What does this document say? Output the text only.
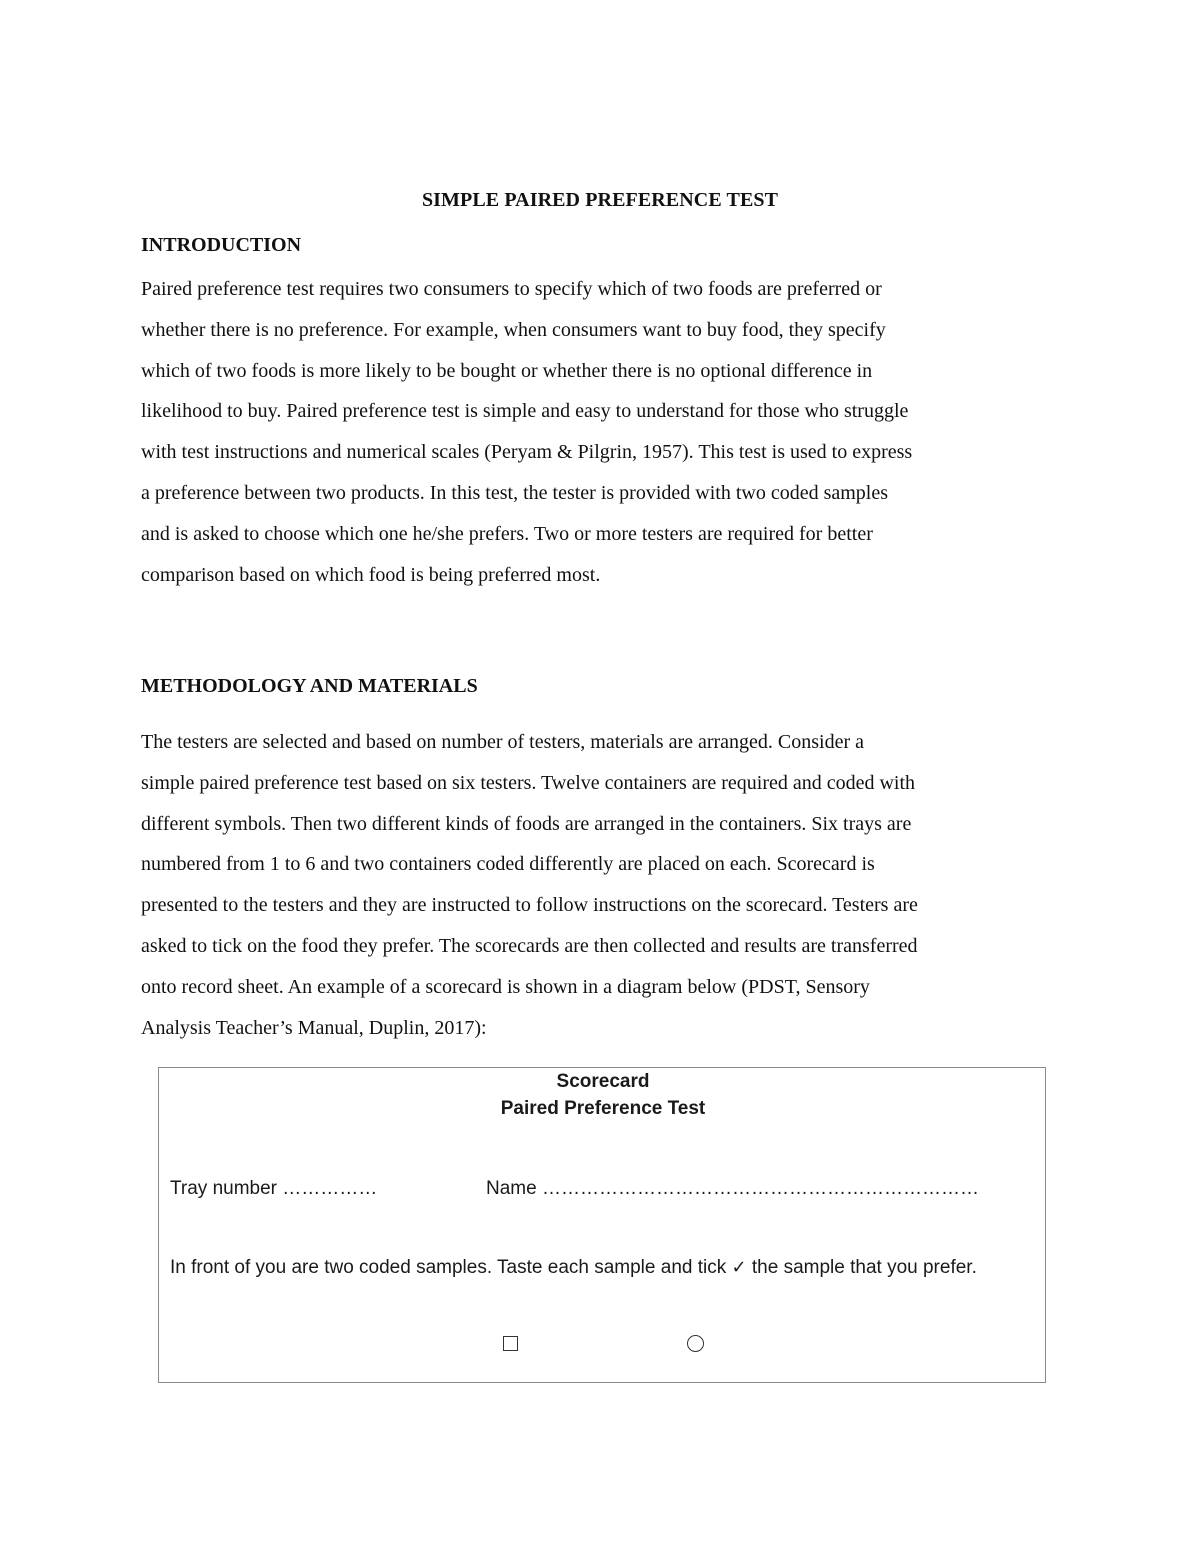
SIMPLE PAIRED PREFERENCE TEST
INTRODUCTION
Paired preference test requires two consumers to specify which of two foods are preferred or
whether there is no preference. For example, when consumers want to buy food, they specify
which of two foods is more likely to be bought or whether there is no optional difference in
likelihood to buy. Paired preference test is simple and easy to understand for those who struggle
with test instructions and numerical scales (Peryam & Pilgrin, 1957). This test is used to express
a preference between two products. In this test, the tester is provided with two coded samples
and is asked to choose which one he/she prefers. Two or more testers are required for better
comparison based on which food is being preferred most.
METHODOLOGY AND MATERIALS
The testers are selected and based on number of testers, materials are arranged. Consider a
simple paired preference test based on six testers. Twelve containers are required and coded with
different symbols. Then two different kinds of foods are arranged in the containers. Six trays are
numbered from 1 to 6 and two containers coded differently are placed on each. Scorecard is
presented to the testers and they are instructed to follow instructions on the scorecard. Testers are
asked to tick on the food they prefer. The scorecards are then collected and results are transferred
onto record sheet. An example of a scorecard is shown in a diagram below (PDST, Sensory
Analysis Teacher’s Manual, Duplin, 2017):
Scorecard
Paired Preference Test
Tray number ……………	Name ……………………………………………………………
In front of you are two coded samples. Taste each sample and tick ✓ the sample that you prefer.
